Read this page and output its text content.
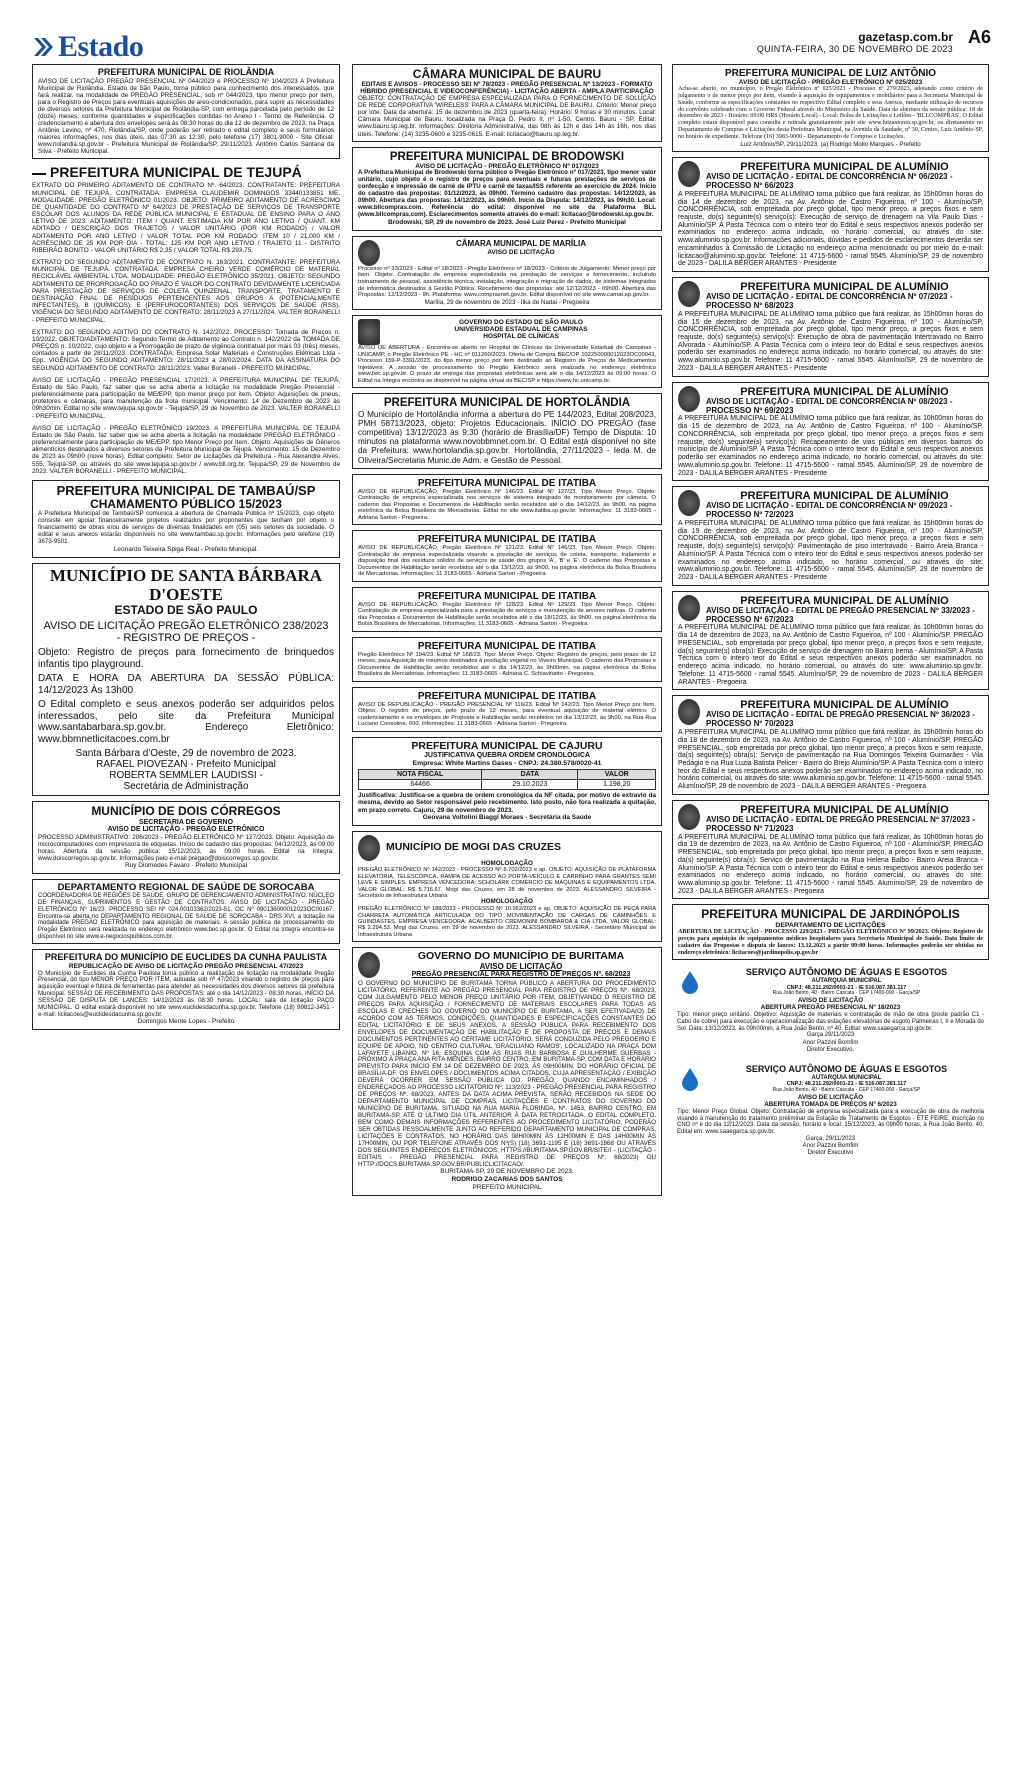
Estado	gazetasp.com.br
QUINTA-FEIRA, 30 DE NOVEMBRO DE 2023
A6
PREFEITURA MUNICIPAL DE RIOLÂNDIA
AVISO DE LICITAÇÃO PREGÃO PRESENCIAL Nº 044/2023 e PROCESSO Nº 104/2023 A Prefeitura Municipal de Riolândia, Estado de São Paulo, torna público para conhecimento dos interessados, que fará realizar, na modalidade de PREGÃO PRESENCIAL, sob nº 044/2023, tipo menor preço por item, para o Registro de Preços para eventuais aquisições de areo-condicionados, para suprir as necessidades de diversos setores da Prefeitura Municipal de Riolândia-SP, com entrega parcelada pelo período de 12 (doze) meses, conforme quantidades e especificações contidas no Anexo I - Termo de Referência. O credenciamento e abertura dos envelopes será às 08:30 horas do dia 12 de dezembro de 2023, na Praça Antônio Levino, nº 470, Riolândia/SP, onde poderão ser retirado o edital completo e seus formulários maiores informações, nos dias úteis, das 07:30 as 12:30, pelo telefone (17) 3801-9000 - Site Oficial: www.riolandia.sp.gov.br - Prefeitura Municipal de Riolândia/SP, 29/11/2023. Antônio Carlos Santana da Silva - Prefeito Municipal.
PREFEITURA MUNICIPAL DE TEJUPÁ
EXTRATO DO PRIMEIRO ADITAMENTO DE CONTRATO Nº. 64/2023. CONTRATANTE: PREFEITURA MUNICIPAL DE TEJUPÁ, CONTRATADA: EMPRESA CLAUDEMIR DOMINGOS 33440133851 ME. MODALIDADE: PREGÃO ELETRÔNICO 01/2023. OBJETO: PRIMEIRO ADITAMENTO DE ACRESCIMO DE QUANTIDADE DO CONTRATO Nº 64/2023 DE PRESTAÇÃO DE SERVIÇOS DE TRANSPORTE ESCOLAR DOS ALUNOS DA REDE PÚBLICA MUNICIPAL E ESTADUAL DE ENSINO PARA O ANO LETIVO DE 2023. ADITAMENTO: ITEM / QUANT. ESTIMADA KM POR ANO LETIVO / QUANT. KM ADITADO / DESCRIÇÃO DOS TRAJETOS / VALOR UNITÁRIO (POR KM RODADO) / VALOR ADITAMENTO POR ANO LETIVO / VALOR TOTAL POR KM RODADO: ITEM 10 / 21.000 KM / ACRÉSCIMO DE 25 KM POR DIA - TOTAL: 125 KM POR ANO LETIVO / TRAJETO 11 - DISTRITO RIBEIRÃO BONITO - VALOR UNITÁRIO R$ 2,35 / VALOR TOTAL R$ 293,75.
EXTRATO DO SEGUNDO ADITAMENTO DE CONTRATO N. 163/2021. CONTRATANTE: PREFEITURA MUNICIPAL DE TEJUPÁ. CONTRATADA: EMPRESA CHEIRO VERDE COMÉRCIO DE MATERIAL RECICLÁVEL AMBIENTAL LTDA. MODALIDADE: PREGÃO ELETRÔNICO 35/2021. OBJETO: SEGUNDO ADITAMENTO DE PRORROGAÇÃO DO PRAZO E VALOR DO CONTRATO DEVIDAMENTE LICENCIADA PARA PRESTAÇÃO DE SERVIÇOS DE COLETA QUINZENAL, TRANSPORTE, TRATAMENTO E DESTINAÇÃO FINAL DE RESÍDUOS PERTENCENTES AOS GRUPOS A (POTENCIALMENTE INFECTANTES), B (QUÍMICOS), E (PERFUROCORTANTES) DOS SERVIÇOS DE SAÚDE (RSS). VIGÊNCIA DO SEGUNDO ADITAMENTO DE CONTRATO: 28/11/2023 A 27/11/2024. VALTER BORANELLI - PREFEITO MUNICIPAL.
EXTRATO DO SEGUNDO ADITIVO DO CONTRATO N. 142/2022. PROCESSO: Tomada de Preços n. 10/2022. OBJETO/ADITAMENTO: Segundo Termo de Aditamento ao Contrato n. 142/2022 da TOMADA DE PREÇOS n. 10/2022, cujo objeto é a Prorrogação de prazo de vigência contratual por mais 03 (três) meses, contados a partir de 28/11/2023. CONTRATADA: Empresa Solar Materiais e Construções Elétricas Ltda - Epp. VIGÊNCIA DO SEGUNDO ADITAMENTO: 28/11/2023 a 28/02/2024. DATA DA ASSINATURA DO SEGUNDO ADITAMENTO DE CONTRATO: 28/11/2023. Valter Boranelli - PREFEITO MUNICIPAL.
AVISO DE LICITAÇÃO - PREGÃO PRESENCIAL 17/2023. A PREFEITURA MUNICIPAL DE TEJUPÁ, Estado de São Paulo, faz saber que se acha aberta a licitação na modalidade Pregão Presencial - preferencialmente para participação de ME/EPP, tipo menor preço por item. Objeto: Aquisições de pneus, protetores e câmaras, para manutenção da frota municipal. Vencimento: 14 de Dezembro de 2023 às 09h30min. Edital no site www.tejupa.sp.gov.br - Tejupá/SP, 29 de Novembro de 2023. VALTER BORANELLI - PREFEITO MUNICIPAL.
AVISO DE LICITAÇÃO - PREGÃO ELETRÔNICO 19/2023. A PREFEITURA MUNICIPAL DE TEJUPÁ Estado de São Paulo, faz saber que se acha aberta a licitação na modalidade PREGÃO ELETRÔNICO - preferencialmente para participação de ME/EPP, tipo Menor Preço por Item. Objeto: Aquisições de Gêneros alimentícios destinados à diversos setores da Prefeitura Municipal de Tejupá. Vencimento: 15 de Dezembro de 2023 às 09h00 (nove horas). Edital completo: Setor de Licitações da Prefeitura - Rua Alexandre Alves, 555, Tejupá-SP, ou através do site www.tejupa.sp.gov.br / www.bll.org.br. Tejupá/SP, 29 de Novembro de 2023. VALTER BORANELLI - PREFEITO MUNICIPAL.
PREFEITURA MUNICIPAL DE TAMBAÚ/SP
CHAMAMENTO PÚBLICO 15/2023
A Prefeitura Municipal de Tambaú/SP comunica a abertura de Chamada Pública nº 15/2023, cujo objeto consiste em apoiar financeiramente projetos realizados por proponentes que tenham por objeto o financiamento de obras e/ou de serviços de diversas finalidades em (05) seis setores da sociedade. O edital e seus anexos estarão disponíveis no site www.tambau.sp.gov.br. Informações pelo telefone (19) 3673-9501.
Leonardo Teixeira Spiga Real - Prefeito Municipal.
MUNICÍPIO DE SANTA BÁRBARA D'OESTE
ESTADO DE SÃO PAULO
AVISO DE LICITAÇÃO PREGÃO ELETRÔNICO 238/2023
- REGISTRO DE PREÇOS -
Objeto: Registro de preços para fornecimento de brinquedos infantis tipo playground.
DATA E HORA DA ABERTURA DA SESSÃO PÚBLICA: 14/12/2023 Às 13h00
O Edital completo e seus anexos poderão ser adquiridos pelos interessados, pelo site da Prefeitura Municipal www.santabarbara.sp.gov.br. Endereço Eletrônico: www.bbmnetlicitacoes.com.br
Santa Bárbara d'Oeste, 29 de novembro de 2023.
RAFAEL PIOVEZAN - Prefeito Municipal
ROBERTA SEMMLER LAUDISSI -
Secretária de Administração
MUNICÍPIO DE DOIS CÓRREGOS
SECRETARIA DE GOVERNO
AVISO DE LICITAÇÃO - PREGÃO ELETRÔNICO
PROCESSO ADMINISTRATIVO: 206/2023 - PREGÃO ELETRÔNICO Nº 127/2023. Objeto: Aquisição de microcomputadores com impressora de etiquetas. Início de cadastro das propostas: 04/12/2023, às 09:00 horas. Abertura da sessão pública: 15/12/2023, às 09:00 horas. Edital na íntegra: www.doiscorregos.sp.gov.br. Informações pelo e-mail pregao@doiscorregos.sp.gov.br.
Ruy Diomedes Favaro - Prefeito Municipal
DEPARTAMENTO REGIONAL DE SAÚDE DE SOROCABA
COORDENADORIA DE REGIÕES DE SAÚDE. GRUPO DE GERENCIAMENTO ADMINISTRATIVO. NÚCLEO DE FINANÇAS, SUPRIMENTOS E GESTÃO DE CONTRATOS. AVISO DE LICITAÇÃO - PREGÃO ELETRÔNICO Nº 16/23. PROCESSO SEI Nº 024.00103362/2023-51. OC Nº 090136000012023OC00167. Encontra-se aberta no DEPARTAMENTO REGIONAL DE SAÚDE DE SOROCABA - DRS XVI, a licitação na modalidade PREGÃO ELETRÔNICO para aquisição de materiais. A sessão pública de processamento do Pregão Eletrônico será realizada no endereço eletrônico www.bec.sp.gov.br. O Edital na íntegra encontra-se disponível no site www.e-negociospublicos.com.br.
PREFEITURA DO MUNICÍPIO DE EUCLIDES DA CUNHA PAULISTA
REPUBLICAÇÃO DE AVISO DE LICITAÇÃO PREGÃO PRESENCIAL 47/2023
O Município de Euclides da Cunha Paulista torna público a realização de licitação na modalidade Pregão Presencial, do tipo MENOR PREÇO POR ITEM, autuada sob nº 47/2023 visando o registro de preços para aquisição eventual e futura de ferramentas para atender as necessidades dos diversos setores da prefeitura Municipal. SESSÃO DE RECEBIMENTO DAS PROPOSTAS: até o dia 14/12/2023 - 08:30 horas. INÍCIO DA SESSÃO DE DISPUTA DE LANCES: 14/12/2023 às 08:30 horas. LOCAL: sala de licitação PAÇO MUNICIPAL. O edital estará disponível no site www.euclidesdacunha.sp.gov.br. Telefone (18) 99812-3451 - e-mail: licitacoes@euclidesdacunha.sp.gov.br.
Domingos Mente Lopes - Prefeito
CÂMARA MUNICIPAL DE BAURU
EDITAIS E AVISOS - PROCESSO SEI Nº 78/2023 - PREGÃO PRESENCIAL Nº 13/2023 - FORMATO HÍBRIDO (PRESENCIAL E VIDEOCONFERÊNCIA) - LICITAÇÃO ABERTA - AMPLA PARTICIPAÇÃO
OBJETO: CONTRATAÇÃO DE EMPRESA ESPECIALIZADA PARA O FORNECIMENTO DE SOLUÇÃO DE REDE CORPORATIVA 'WIRELESS' PARA A CÂMARA MUNICIPAL DE BAURU. Critério: Menor preço por lote. Data da abertura: 15 de dezembro de 2023 (quarta-feira). Horário: 9 horas e 30 minutos. Local: Câmara Municipal de Bauru, localizada na Praça D. Pedro II, nº 1-50, Centro, Bauru - SP. Edital: www.bauru.sp.leg.br. Informações: Diretoria Administrativa, das 08h às 12h e das 14h às 16h, nos dias úteis. Telefone: (14) 3235-0600 e 3235-0615. E-mail: licitacao@bauru.sp.leg.br.
PREFEITURA MUNICIPAL DE BRODOWSKI
AVISO DE LICITAÇÃO - PREGÃO ELETRÔNICO Nº 017/2023
A Prefeitura Municipal de Brodowski torna público o Pregão Eletrônico nº 017/2023, tipo menor valor unitário, cujo objeto é o registro de preços para eventuais e futuras prestações de serviços de confecção e impressão de carnê de IPTU e carnê de taxas/ISS referente ao exercício de 2024. Início do cadastro das propostas: 01/12/2023, às 09h00. Término cadastro das propostas: 14/12/2023, às 09h00. Abertura das propostas: 14/12/2023, às 09h00. Início da Disputa: 14/12/2023, às 09h30. Local: www.bllcompras.com. Referência do edital: disponível no site da Plataforma BLL (www.bllcompras.com). Esclarecimentos somente através do e-mail: licitacao@brodowski.sp.gov.br.
Brodowski, SP, 29 de novembro de 2023. José Luiz Perez - Prefeito Municipal
CÂMARA MUNICIPAL DE MARÍLIA
AVISO DE LICITAÇÃO
Processo nº 33/2023 - Edital nº 18/2023 - Pregão Eletrônico nº 18/2023 - Critério de Julgamento: Menor preço por item. Objeto: Contratação de empresa especializada na prestação de serviços e fornecimento, incluindo treinamento de pessoal, assistência técnica, instalação, integração e migração de dados, de sistemas integrados de informática destinados à Gestão Pública. Recebimento das propostas: até 12/12/2023 - 09h00. Abertura das Propostas: 12/12/2023 - 9h. Plataforma: www.comprasnet.gov.br. Edital disponível no site www.camar.sp.gov.br.
Marília, 29 de novembro de 2023 - Ilka de Nadai - Pregoeira
GOVERNO DO ESTADO DE SÃO PAULO
UNIVERSIDADE ESTADUAL DE CAMPINAS
HOSPITAL DE CLÍNICAS
AVISO DE ABERTURA - Encontra-se aberto no Hospital de Clínicas da Universidade Estadual de Campinas - UNICAMP, o Pregão Eletrônico PE - HC nº 011260/2023, Oferta de Compra BEC/OP 102250000012023OC00043, Processo 159-P-3391/2023, do tipo menor preço por item destinado ao Registro de Preços de Medicamentos Injetáveis. A sessão de processamento do Pregão Eletrônico será realizada no endereço eletrônico www.bec.sp.gov.br. O prazo de entrega das propostas eletrônicas será até o dia 14/12/2023 às 09:00 horas. O Edital na íntegra encontra-se disponível na página virtual da BEC/SP e https://www.hc.unicamp.br.
PREFEITURA MUNICIPAL DE HORTOLÂNDIA
O Município de Hortolândia informa a abertura do PE 144/2023, Edital 208/2023, PMH 58713/2023, objeto: Projetos Educacionais. INÍCIO DO PREGÃO (fase competitiva) 13/12/2023 às 9:30 (horário de Brasília/DF) Tempo de Disputa: 10 minutos na plataforma www.novobbmnet.com.br. O Edital está disponível no site da Prefeitura: www.hortolandia.sp.gov.br. Hortolândia, 27/11/2023 - Ieda M. de Oliveira/Secretaria Munic.de Adm. e Gestão de Pessoal.
PREFEITURA MUNICIPAL DE ITATIBA
AVISO DE REPUBLICAÇÃO. Pregão Eletrônico Nº 146/23. Edital Nº 127/23. Tipo Menor Preço. Objeto: Contratação de empresa especializada nos serviços de sistema integrado de monitoramento por câmera. O caderno das Propostas e Documentos de Habilitação serão recebidos até o dia 14/12/23, às 9h00, na página eletrônica da Bolsa Brasileira de Mercadorias. Edital no site www.itatiba.sp.gov.br. Informações: 11 3183-0665 - Adriana Sartori - Pregoeira.
PREFEITURA MUNICIPAL DE ITATIBA
AVISO DE REPUBLICAÇÃO. Pregão Eletrônico Nº 121/23. Edital Nº 146/23. Tipo Menor Preço. Objeto: Contratação de empresa especializada visando a prestação de serviços de coleta, transporte, tratamento e disposição final dos resíduos sólidos de serviços de saúde dos grupos 'A', 'B' e 'E'. O caderno das Propostas e Documentos de Habilitação serão recebidos até o dia 13/12/23, às 9h00, na página eletrônica da Bolsa Brasileira de Mercadorias. Informações: 11 3183-0665 - Adriana Sartori - Pregoeira.
PREFEITURA MUNICIPAL DE ITATIBA
AVISO DE REPUBLICAÇÃO. Pregão Eletrônico Nº 128/23. Edital Nº 129/23. Tipo Menor Preço. Objeto: Contratação de empresa especializada para a prestação de serviços e manutenção de arvores nativas. O caderno das Propostas e Documentos de Habilitação serão recebidos até o dia 18/12/23, às 9h00, na página eletrônica da Bolsa Brasileira de Mercadorias. Informações: 11 3183-0665 - Adriana Sartori - Pregoeira.
PREFEITURA MUNICIPAL DE ITATIBA
Pregão Eletrônico Nº 194/23. Edital Nº 168/23. Tipo: Menor Preço. Objeto: Registro de preços, pelo prazo de 12 meses, para Aquisição de insumos destinados à produção vegetal no Viveiro Municipal. O caderno das Propostas e Documentos de Habilitação serão recebidos até o dia 14/12/23, às 9h00min, na página eletrônica da Bolsa Brasileira de Mercadorias. Informações: 11 3183-0665 - Adriana C. Schiavinatto - Pregoeira.
PREFEITURA MUNICIPAL DE ITATIBA
AVISO DE REPUBLICAÇÃO - PREGÃO PRESENCIAL Nº 116/23. Edital Nº 142/23. Tipo Menor Preço por Item. Objeto: O registro de preços, pelo prazo de 12 meses, para eventual aquisição de material elétrico. O credenciamento e os envelopes de Proposta e Habilitação serão recebidos no dia 13/12/23, às 9h00, na Rua Rua Luciano Consoline, 600. Informações: 11 3183-0665 - Adriana Sartori - Pregoeira.
PREFEITURA MUNICIPAL DE CAJURU
JUSTIFICATIVA QUEBRA ORDEM CRONOLÓGICA
Empresa: White Martins Gases - CNPJ: 24.380.578/0020-41
NOTA FISCAL	DATA	VALOR
64466	29.10.2023	1.198,20
Justificativa: Justifica-se a quebra de ordem cronológica da NF citada, por motivo de extravio da mesma, devido ao Setor responsável pelo recebimento. Isto posto, não fora realizada a quitação, em prazo correto. Cajuru, 29 de novembro de 2023.
Geovana Voltolini Biaggi Moraes - Secretária da Saúde
MUNICÍPIO DE MOGI DAS CRUZES
HOMOLOGAÇÃO
PREGÃO ELETRÔNICO Nº 142/2023 - PROCESSO Nº 8.702/2023 e ap. OBJETO: AQUISIÇÃO DE PLATAFORMA ELEVATÓRIA, TELESCÓPICA, RAMPA DE ACESSO AO PORTA-VEÍCULO E CARRINHO PARA GRANTES SEMI LEVE E SIMPLES. EMPRESA VENCEDORA: SCHOLARK COMÉRCIO DE MÁQUINAS E EQUIPAMENTOS LTDA. VALOR GLOBAL: R$ 5.716,67. Mogi das Cruzes, em 28 de novembro de 2023. ALESSANDRO SILVEIRA - Secretário de Infraestrutura Urbana
HOMOLOGAÇÃO
PREGÃO ELETRÔNICO Nº 188/2023 - PROCESSO Nº 10.962/2023 e ap. OBJETO: AQUISIÇÃO DE PEÇA PARA CHARRETA AUTOMÁTICA ARTICULADA DO TIPO MOVIMENTAÇÃO DE CARGAS DE CAMINHÕES E GUINDASTES. EMPRESA VENCEDORA: ACALBERTO CREMONINI BOMBARDA & CIA LTDA. VALOR GLOBAL: R$ 2.294,53. Mogi das Cruzes, em 29 de novembro de 2023. ALESSANDRO SILVEIRA - Secretário Municipal de Infraestrutura Urbana
GOVERNO DO MUNICÍPIO DE BURITAMA
AVISO DE LICITAÇÃO
PREGÃO PRESENCIAL PARA REGISTRO DE PREÇOS Nº. 68/2023
O GOVERNO DO MUNICÍPIO DE BURITAMA TORNA PÚBLICO A ABERTURA DO PROCEDIMENTO LICITATÓRIO, REFERENTE AO PREGÃO PRESENCIAL PARA REGISTRO DE PREÇOS Nº. 68/2023, COM JULGAMENTO PELO MENOR PREÇO UNITÁRIO POR ITEM, OBJETIVANDO O REGISTRO DE PREÇOS PARA AQUISIÇÃO / FORNECIMENTO DE MATERIAIS ESCOLARES PARA TODAS AS ESCOLAS E CRECHES DO GOVERNO DO MUNICÍPIO DE BURITAMA, A SER EFETIVADA(O) DE ACORDO COM AS TERMOS, CONDIÇÕES, QUANTIDADES E ESPECIFICAÇÕES CONSTANTES DO EDITAL LICITATÓRIO E DE SEUS ANEXOS. A SESSÃO PÚBLICA PARA RECEBIMENTO DOS ENVELOPES DE DOCUMENTAÇÃO DE HABILITAÇÃO E DE PROPOSTA DE PREÇOS E DEMAIS DOCUMENTOS PERTINENTES AO CERTAME LICITATÓRIO, SERÁ CONDUZIDA PELO PREGOEIRO E EQUIPE DE APOIO, NO CENTRO CULTURAL 'GRACILIANO RAMOS', LOCALIZADO NA PRAÇA DOM LAFAYETE LIBANIO, Nº 16, ESQUINA COM AS RUAS RUI BARBOSA E GUILHERME GUERBAS - PRÓXIMO À PRAÇA ANA RITA MENDES, BAIRRO CENTRO, EM BURITAMA-SP, COM DATA E HORÁRIO PREVISTO PARA INÍCIO EM 14 DE DEZEMBRO DE 2023, ÀS 09H00MIN, DO HORÁRIO OFICIAL DE BRASÍLIA-DF. OS ENVELOPES / DOCUMENTOS ACIMA CITADOS, CUJA APRESENTAÇÃO / EXIBIÇÃO DEVERÁ OCORRER EM SESSÃO PÚBLICA DO PREGÃO, QUANDO ENCAMINHADOS / ENDEREÇADOS AO PROCESSO LICITATÓRIO Nº. 113/2023 - PREGÃO PRESENCIAL PARA REGISTRO DE PREÇOS Nº. 68/2023, ANTES DA DATA ACIMA PREVISTA, SERÃO RECEBIDOS NA SEDE DO DEPARTAMENTO MUNICIPAL DE COMPRAS, LICITAÇÕES E CONTRATOS DO GOVERNO DO MUNICÍPIO DE BURITAMA, SITUADO NA RUA MARIA FLORINDA, Nº. 1453, BAIRRO CENTRO, EM BURITAMA-SP, ATÉ O ÚLTIMO DIA ÚTIL ANTERIOR À DATA RETROCITADA. O EDITAL COMPLETO, BEM COMO DEMAIS INFORMAÇÕES REFERENTES AO PROCEDIMENTO LICITATÓRIO, PODERÃO SER OBTIDAS PESSOALMENTE JUNTO AO REFERIDO DEPARTAMENTO MUNICIPAL DE COMPRAS, LICITAÇÕES E CONTRATOS, NO HORÁRIO DAS 08H00MIN ÀS 12H00MIN E DAS 14H00MIN ÀS 17H00MIN, OU POR TELEFONE ATRAVÉS DOS Nº(S) (18) 3691-1195 E (18) 3691-1868 OU ATRAVÉS DOS SEGUINTES ENDEREÇOS ELETRÔNICOS: HTTPS://BURITAMA.SP.GOV.BR/SITE/I - (LICITAÇÃO - EDITAIS - PREGÃO PRESENCIAL PARA REGISTRO DE PREÇOS Nº. 68/2023) OU HTTP://DOCS.BURITAMA.SP.GOV.BR/PUBLICLICITACAO/.
BURITAMA-SP, 29 DE NOVEMBRO DE 2023.
RODRIGO ZACARIAS DOS SANTOS
PREFEITO MUNICIPAL
PREFEITURA MUNICIPAL DE LUIZ ANTÔNIO
AVISO DE LICITAÇÃO - PREGÃO ELETRÔNICO Nº 025/2023
Acha-se aberto, no município, o Pregão Eletrônico nº 025/2023 - Processo nº 279/2023, adotando como critério de julgamento o de menor preço por item, visando à aquisição de equipamentos e mobiliários para a Secretaria Municipal de Saúde, conforme as especificações constantes no respectivo Edital completo e seus Anexos, mediante utilização de recursos do convênio celebrado com o Governo Federal através do Ministério da Saúde. Data da abertura da sessão pública: 18 de dezembro de 2023 - Horário: 09:00 HRS (Horário Local) - Local: Bolsa de Licitações e Leilões - 'BLLCOMPRAS'. O Edital completo estará disponível para consulta e retirada gratuitamente pelo site www.luizantonio.sp.gov.br, ou diretamente no Departamento de Compras e Licitações desta Prefeitura Municipal, na Avenida da Saudade, nº 30, Centro, Luiz Antônio-SP, no horário de expediente. Telefone (16) 3983-9000 - Departamento de Compras e Licitações.
Luiz Antônio/SP, 29/11/2023. (a) Rodrigo Mollo Marques - Prefeito
PREFEITURA MUNICIPAL DE ALUMÍNIO
AVISO DE LICITAÇÃO - EDITAL DE CONCORRÊNCIA Nº 06/2023 - PROCESSO Nº 66/2023
A PREFEITURA MUNICIPAL DE ALUMÍNIO torna público que fará realizar, às 15h00min horas do dia 14 de dezembro de 2023, na Av. Antônio de Castro Figueiroa, nº 100 - Alumínio/SP, CONCORRÊNCIA, sob empreitada por preço global, tipo menor preço, a preços fixos e sem reajuste, do(s) seguinte(s) serviço(s): Execução de serviço de drenagem na Vila Paulo Dias - Alumínio/SP. A Pasta Técnica com o inteiro teor do Edital e seus respectivos anexos poderão ser examinados no endereço acima indicado, no horário comercial, ou através do site: www.aluminio.sp.gov.br. Informações adicionais, dúvidas e pedidos de esclarecimentos deverão ser encaminhados à Comissão de Licitação no endereço acima mencionado ou por meio do e-mail: licitacao@aluminio.sp.gov.br. Telefone: 11 4715-5600 - ramal 5545. Alumínio/SP, 29 de novembro de 2023 - DALILA BERGER ARANTES - Presidente
PREFEITURA MUNICIPAL DE ALUMÍNIO
AVISO DE LICITAÇÃO - EDITAL DE CONCORRÊNCIA Nº 07/2023 - PROCESSO Nº 68/2023
A PREFEITURA MUNICIPAL DE ALUMÍNIO torna público que fará realizar, às 15h00min horas do dia 15 de dezembro de 2023, na Av. Antônio de Castro Figueiroa, nº 100 - Alumínio/SP, CONCORRÊNCIA, sob empreitada por preço global, tipo menor preço, a preços fixos e sem reajuste, do(s) seguinte(s) serviço(s): Execução de obra de pavimentação Intertravado no Bairro Alvorada - Alumínio/SP. A Pasta Técnica com o inteiro teor do Edital e seus respectivos anexos poderão ser examinados no endereço acima indicado, no horário comercial, ou através do site: www.aluminio.sp.gov.br. Telefone: 11 4715-5600 - ramal 5545. Alumínio/SP, 29 de novembro de 2023 - DALILA BERGER ARANTES - Presidente
PREFEITURA MUNICIPAL DE ALUMÍNIO
AVISO DE LICITAÇÃO - EDITAL DE CONCORRÊNCIA Nº 08/2023 - PROCESSO Nº 69/2023
A PREFEITURA MUNICIPAL DE ALUMÍNIO torna público que fará realizar, às 10h00min horas do dia 15 de dezembro de 2023, na Av. Antônio de Castro Figueiroa, nº 100 - Alumínio/SP, CONCORRÊNCIA, sob empreitada por preço global, tipo menor preço, a preços fixos e sem reajuste, do(s) seguinte(s) serviço(s): Recapeamento de vias públicas em diversos bairros do município de Alumínio/SP. A Pasta Técnica com o inteiro teor do Edital e seus respectivos anexos poderão ser examinados no endereço acima indicado, no horário comercial, ou através do site: www.aluminio.sp.gov.br. Telefone: 11 4715-5600 - ramal 5545. Alumínio/SP, 29 de novembro de 2023 - DALILA BERGER ARANTES - Presidente
PREFEITURA MUNICIPAL DE ALUMÍNIO
AVISO DE LICITAÇÃO - EDITAL DE CONCORRÊNCIA Nº 09/2023 - PROCESSO Nº 72/2023
A PREFEITURA MUNICIPAL DE ALUMÍNIO torna público que fará realizar, às 15h00min horas do dia 19 de dezembro de 2023, na Av. Antônio de Castro Figueiroa, nº 100 - Alumínio/SP, CONCORRÊNCIA, sob empreitada por preço global, tipo menor preço, a preços fixos e sem reajuste, do(s) seguinte(s) serviço(s): Pavimentação de piso intertravado - Bairro Areia Branca - Alumínio/SP. A Pasta Técnica com o inteiro teor do Edital e seus respectivos anexos poderão ser examinados no endereço acima indicado, no horário comercial, ou através do site: www.aluminio.sp.gov.br. Telefone: 11 4715-5600 - ramal 5545. Alumínio/SP, 29 de novembro de 2023 - DALILA BERGER ARANTES - Presidente
PREFEITURA MUNICIPAL DE ALUMÍNIO
AVISO DE LICITAÇÃO - EDITAL DE PREGÃO PRESENCIAL Nº 33/2023 - PROCESSO Nº 67/2023
A PREFEITURA MUNICIPAL DE ALUMÍNIO torna público que fará realizar, às 10h00min horas do dia 14 de dezembro de 2023, na Av. Antônio de Castro Figueiroa, nº 100 - Alumínio/SP, PREGÃO PRESENCIAL, sob empreitada por preço global, tipo menor preço, a preços fixos e sem reajuste, da(s) seguinte(s) obra(s): Execução de serviço de drenagem no Bairro Irema - Alumínio/SP. A Pasta Técnica com o inteiro teor do Edital e seus respectivos anexos poderão ser examinados no endereço acima indicado, no horário comercial, ou através do site: www.aluminio.sp.gov.br. Telefone: 11 4715-5600 - ramal 5545. Alumínio/SP, 29 de novembro de 2023 - DALILA BERGER ARANTES - Pregoeira
PREFEITURA MUNICIPAL DE ALUMÍNIO
AVISO DE LICITAÇÃO - EDITAL DE PREGÃO PRESENCIAL Nº 36/2023 - PROCESSO Nº 70/2023
A PREFEITURA MUNICIPAL DE ALUMÍNIO torna público que fará realizar, às 15h00min horas do dia 18 de dezembro de 2023, na Av. Antônio de Castro Figueiroa, nº 100 - Alumínio/SP, PREGÃO PRESENCIAL, sob empreitada por preço global, tipo menor preço, a preços fixos e sem reajuste, da(s) seguinte(s) obra(s): Serviço de pavimentação na Rua Domingos Teixeira Guimarães - Vila Pedágio e na Rua Luzia Batista Pelicer - Bairro do Brejo Alumínio/SP. A Pasta Técnica com o inteiro teor do Edital e seus respectivos anexos poderão ser examinados no endereço acima indicado, no horário comercial, ou através do site: www.aluminio.sp.gov.br. Telefone: 11 4715-5600 - ramal 5545. Alumínio/SP, 29 de novembro de 2023 - DALILA BERGER ARANTES - Pregoeira
PREFEITURA MUNICIPAL DE ALUMÍNIO
AVISO DE LICITAÇÃO - EDITAL DE PREGÃO PRESENCIAL Nº 37/2023 - PROCESSO Nº 71/2023
A PREFEITURA MUNICIPAL DE ALUMÍNIO torna público que fará realizar, às 10h00min horas do dia 19 de dezembro de 2023, na Av. Antônio de Castro Figueiroa, nº 100 - Alumínio/SP, PREGÃO PRESENCIAL, sob empreitada por preço global, tipo menor preço, a preços fixos e sem reajuste, da(s) seguinte(s) obra(s): Serviço de pavimentação na Rua Helena Balbo - Bairro Areia Branca - Alumínio/SP. A Pasta Técnica com o inteiro teor do Edital e seus respectivos anexos poderão ser examinados no endereço acima indicado, no horário comercial, ou através do site: www.aluminio.sp.gov.br. Telefone: 11 4715-5600 - ramal 5545. Alumínio/SP, 29 de novembro de 2023 - DALILA BERGER ARANTES - Pregoeira
PREFEITURA MUNICIPAL DE JARDINÓPOLIS
DEPARTAMENTO DE LICITAÇÕES
ABERTURA DE LICITAÇÃO - PROCESSO 229/2023 - PREGÃO ELETRÔNICO Nº 99/2023. Objeto: Registro de preços para aquisição de equipamentos médicos hospitalares para Secretaria Municipal de Saúde. Data limite de cadastro das Propostas e disputa de lances: 13.12.2023 a partir 09:00 horas. Informações poderão ser obtidas no endereço eletrônico: licitacoes@jardinopolis.sp.gov.br
SERVIÇO AUTÔNOMO DE ÁGUAS E ESGOTOS
AUTARQUIA MUNICIPAL
CNPJ: 48.211.292/0001-21 - IE 516.087.381.117
Rua João Bento, 40 - Bairro Cascata - CEP 17400-000 - Garça/SP
AVISO DE LICITAÇÃO
ABERTURA PREGÃO PRESENCIAL Nº 18/2023
Tipo: menor preço unitário. Objetivo: Aquisição de materiais e contratação de mão de obra (poste padrão C1 - Cabo de cobre) para execução e operacionalização das estações elevatórias de esgoto Palmeiras I, II e Morada do Sol. Data: 13/12/2023, às 09h00min, à Rua João Bento, nº 40. Edital: www.saaegarca.sp.gov.br.
Garça 29/11/2023
Anor Pazzini Bomfim
Diretor Executivo.
SERVIÇO AUTÔNOMO DE ÁGUAS E ESGOTOS
AUTARQUIA MUNICIPAL
CNPJ: 48.211.292/0001-21 - IE 516.087.381.117
Rua João Bento, 40 - Bairro Cascata - CEP 17400-000 - Garça/SP
AVISO DE LICITAÇÃO
ABERTURA TOMADA DE PREÇOS Nº 6/2023
Tipo: Menor Preço Global. Objeto: Contratação de empresa especializada para a execução de obra de melhoria visando à manutenção do tratamento preliminar da Estação de Tratamento de Esgotos - ETE FEIRE, inscrição no CNO nº e do dia 12/12/2023. Data da sessão, horário e local: 15/12/2023, às 09h00 horas, à Rua João Bento, 40. Edital em: www.saaegarca.sp.gov.br.
Garça, 29/11/2023
Anor Pazzini Bomfim
Diretor Executivo
